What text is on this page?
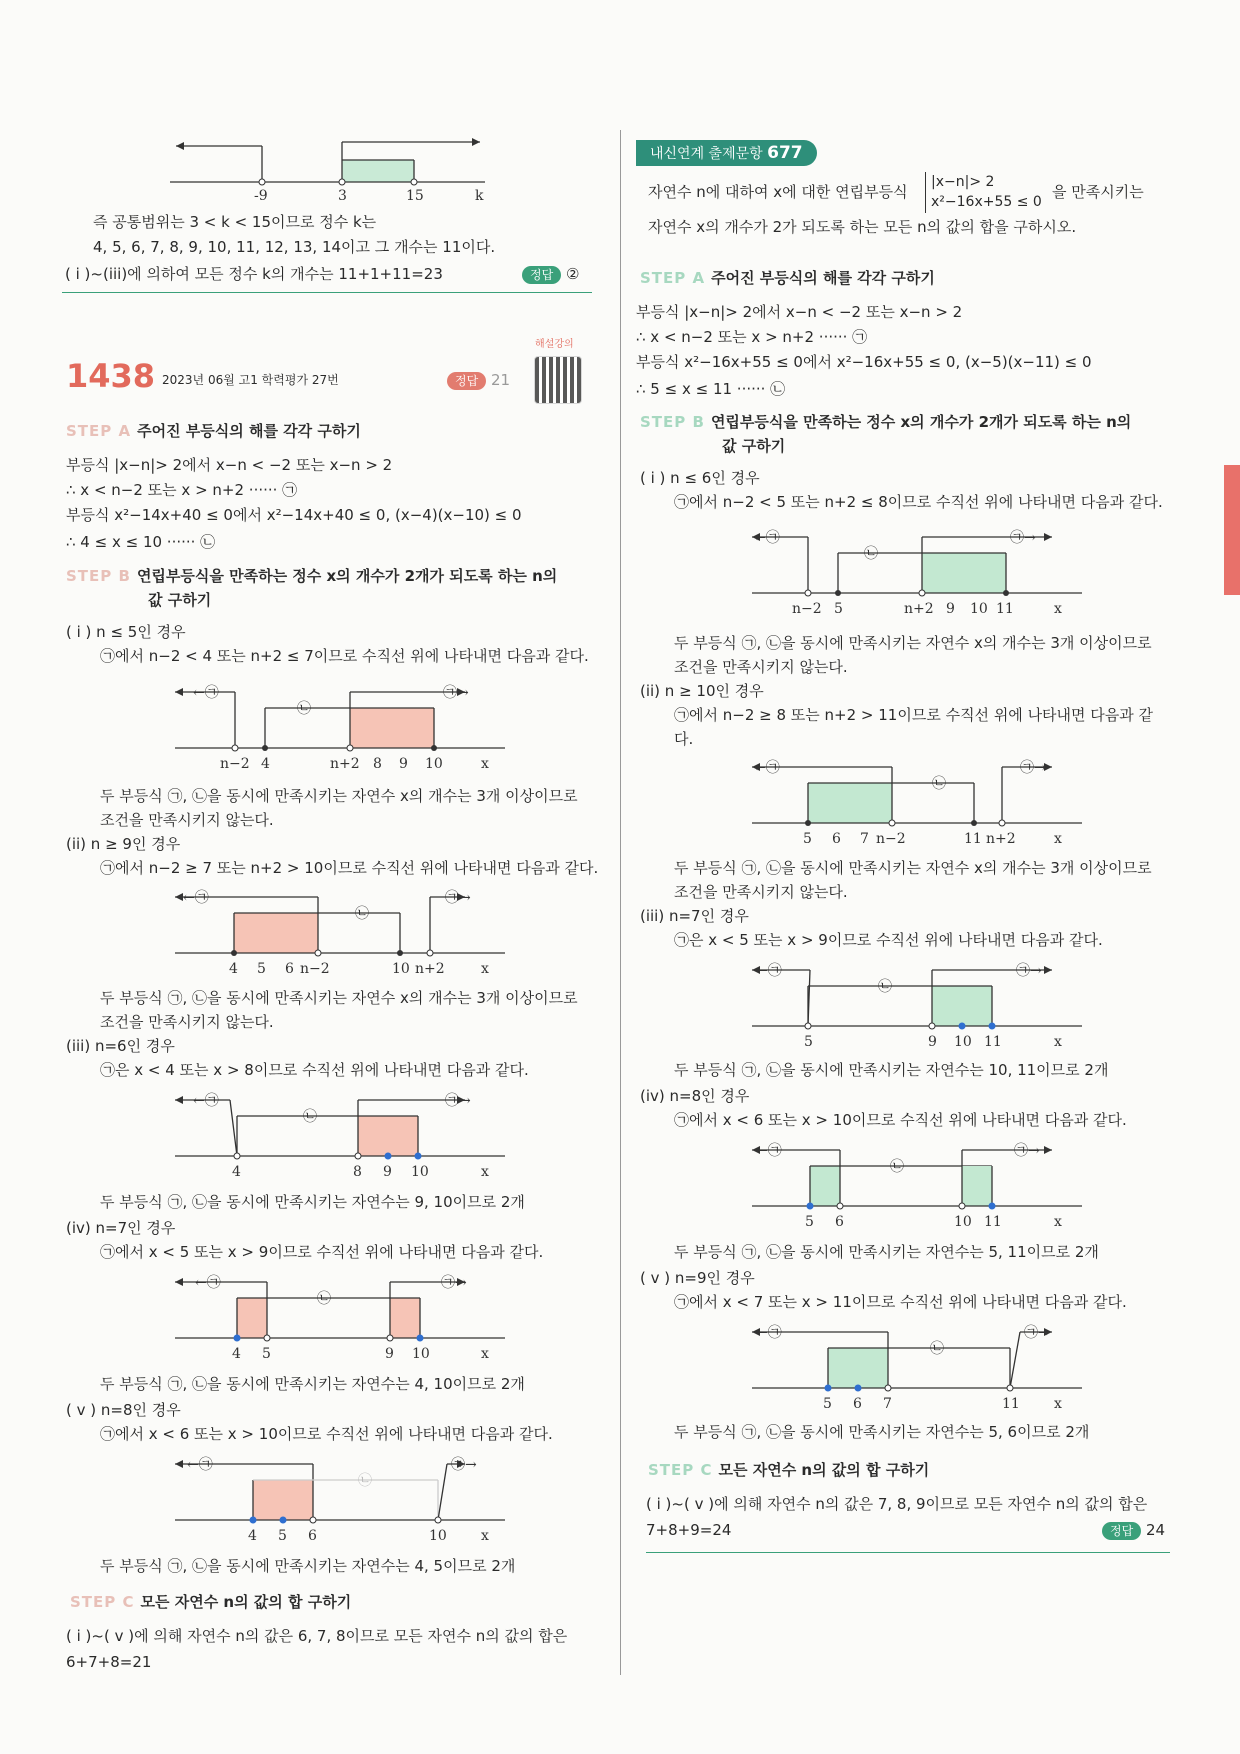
-9	3	15	k
즉 공통범위는 3 < k < 15이므로 정수 k는
4, 5, 6, 7, 8, 9, 10, 11, 12, 13, 14이고 그 개수는 11이다.
( i )~(iii)에 의하여 모든 정수 k의 개수는 11+1+11=23	정답 ②
1438 2023년 06월 고1 학력평가 27번	정답 21
해설강의
STEP A 주어진 부등식의 해를 각각 구하기
부등식 |x−n|> 2에서 x−n < −2 또는 x−n > 2
∴ x < n−2 또는 x > n+2 ······ ㉠
부등식 x²−14x+40 ≤ 0에서 x²−14x+40 ≤ 0, (x−4)(x−10) ≤ 0
∴ 4 ≤ x ≤ 10 ······ ㉡
STEP B 연립부등식을 만족하는 정수 x의 개수가 2개가 되도록 하는 n의
값 구하기
( i ) n ≤ 5인 경우
㉠에서 n−2 < 4 또는 n+2 ≤ 7이므로 수직선 위에 나타내면 다음과 같다.
←㉠
㉡
㉠→
n−2 4	n+2 8 9 10	x
두 부등식 ㉠, ㉡을 동시에 만족시키는 자연수 x의 개수는 3개 이상이므로
조건을 만족시키지 않는다.
(ii) n ≥ 9인 경우
㉠에서 n−2 ≥ 7 또는 n+2 > 10이므로 수직선 위에 나타내면 다음과 같다.
←㉠
㉡
㉠→
4 5 6 n−2	10 n+2	x
두 부등식 ㉠, ㉡을 동시에 만족시키는 자연수 x의 개수는 3개 이상이므로
조건을 만족시키지 않는다.
(iii) n=6인 경우
㉠은 x < 4 또는 x > 8이므로 수직선 위에 나타내면 다음과 같다.
←㉠
㉡
㉠→
4	8 9 10	x
두 부등식 ㉠, ㉡을 동시에 만족시키는 자연수는 9, 10이므로 2개
(iv) n=7인 경우
㉠에서 x < 5 또는 x > 9이므로 수직선 위에 나타내면 다음과 같다.
←㉠
㉡
㉠→
4 5	9 10	x
두 부등식 ㉠, ㉡을 동시에 만족시키는 자연수는 4, 10이므로 2개
( v ) n=8인 경우
㉠에서 x < 6 또는 x > 10이므로 수직선 위에 나타내면 다음과 같다.
←㉠
㉡
㉠→
4 5 6	10 x
두 부등식 ㉠, ㉡을 동시에 만족시키는 자연수는 4, 5이므로 2개
STEP C 모든 자연수 n의 값의 합 구하기
( i )~( v )에 의해 자연수 n의 값은 6, 7, 8이므로 모든 자연수 n의 값의 합은
6+7+8=21
내신연계 출제문항 677
자연수 n에 대하여 x에 대한 연립부등식
|x−n|> 2
x²−16x+55 ≤ 0
을 만족시키는
자연수 x의 개수가 2가 되도록 하는 모든 n의 값의 합을 구하시오.
STEP A 주어진 부등식의 해를 각각 구하기
부등식 |x−n|> 2에서 x−n < −2 또는 x−n > 2
∴ x < n−2 또는 x > n+2 ······ ㉠
부등식 x²−16x+55 ≤ 0에서 x²−16x+55 ≤ 0, (x−5)(x−11) ≤ 0
∴ 5 ≤ x ≤ 11 ······ ㉡
STEP B 연립부등식을 만족하는 정수 x의 개수가 2개가 되도록 하는 n의
값 구하기
( i ) n ≤ 6인 경우
㉠에서 n−2 < 5 또는 n+2 ≤ 8이므로 수직선 위에 나타내면 다음과 같다.
←㉠
㉡
㉠→
n−2 5	n+2 9 10 11	x
두 부등식 ㉠, ㉡을 동시에 만족시키는 자연수 x의 개수는 3개 이상이므로
조건을 만족시키지 않는다.
(ii) n ≥ 10인 경우
㉠에서 n−2 ≥ 8 또는 n+2 > 11이므로 수직선 위에 나타내면 다음과 같
다.
←㉠
㉡
㉠→
5 6 7 n−2	11 n+2	x
두 부등식 ㉠, ㉡을 동시에 만족시키는 자연수 x의 개수는 3개 이상이므로
조건을 만족시키지 않는다.
(iii) n=7인 경우
㉠은 x < 5 또는 x > 9이므로 수직선 위에 나타내면 다음과 같다.
←㉠
㉡
㉠→
5	9 10 11	x
두 부등식 ㉠, ㉡을 동시에 만족시키는 자연수는 10, 11이므로 2개
(iv) n=8인 경우
㉠에서 x < 6 또는 x > 10이므로 수직선 위에 나타내면 다음과 같다.
←㉠
㉡
㉠→
5 6	10 11	x
두 부등식 ㉠, ㉡을 동시에 만족시키는 자연수는 5, 11이므로 2개
( v ) n=9인 경우
㉠에서 x < 7 또는 x > 11이므로 수직선 위에 나타내면 다음과 같다.
←㉠
㉡
㉠→
5 6 7	11 x
두 부등식 ㉠, ㉡을 동시에 만족시키는 자연수는 5, 6이므로 2개
STEP C 모든 자연수 n의 값의 합 구하기
( i )~( v )에 의해 자연수 n의 값은 7, 8, 9이므로 모든 자연수 n의 값의 합은
7+8+9=24	정답 24
